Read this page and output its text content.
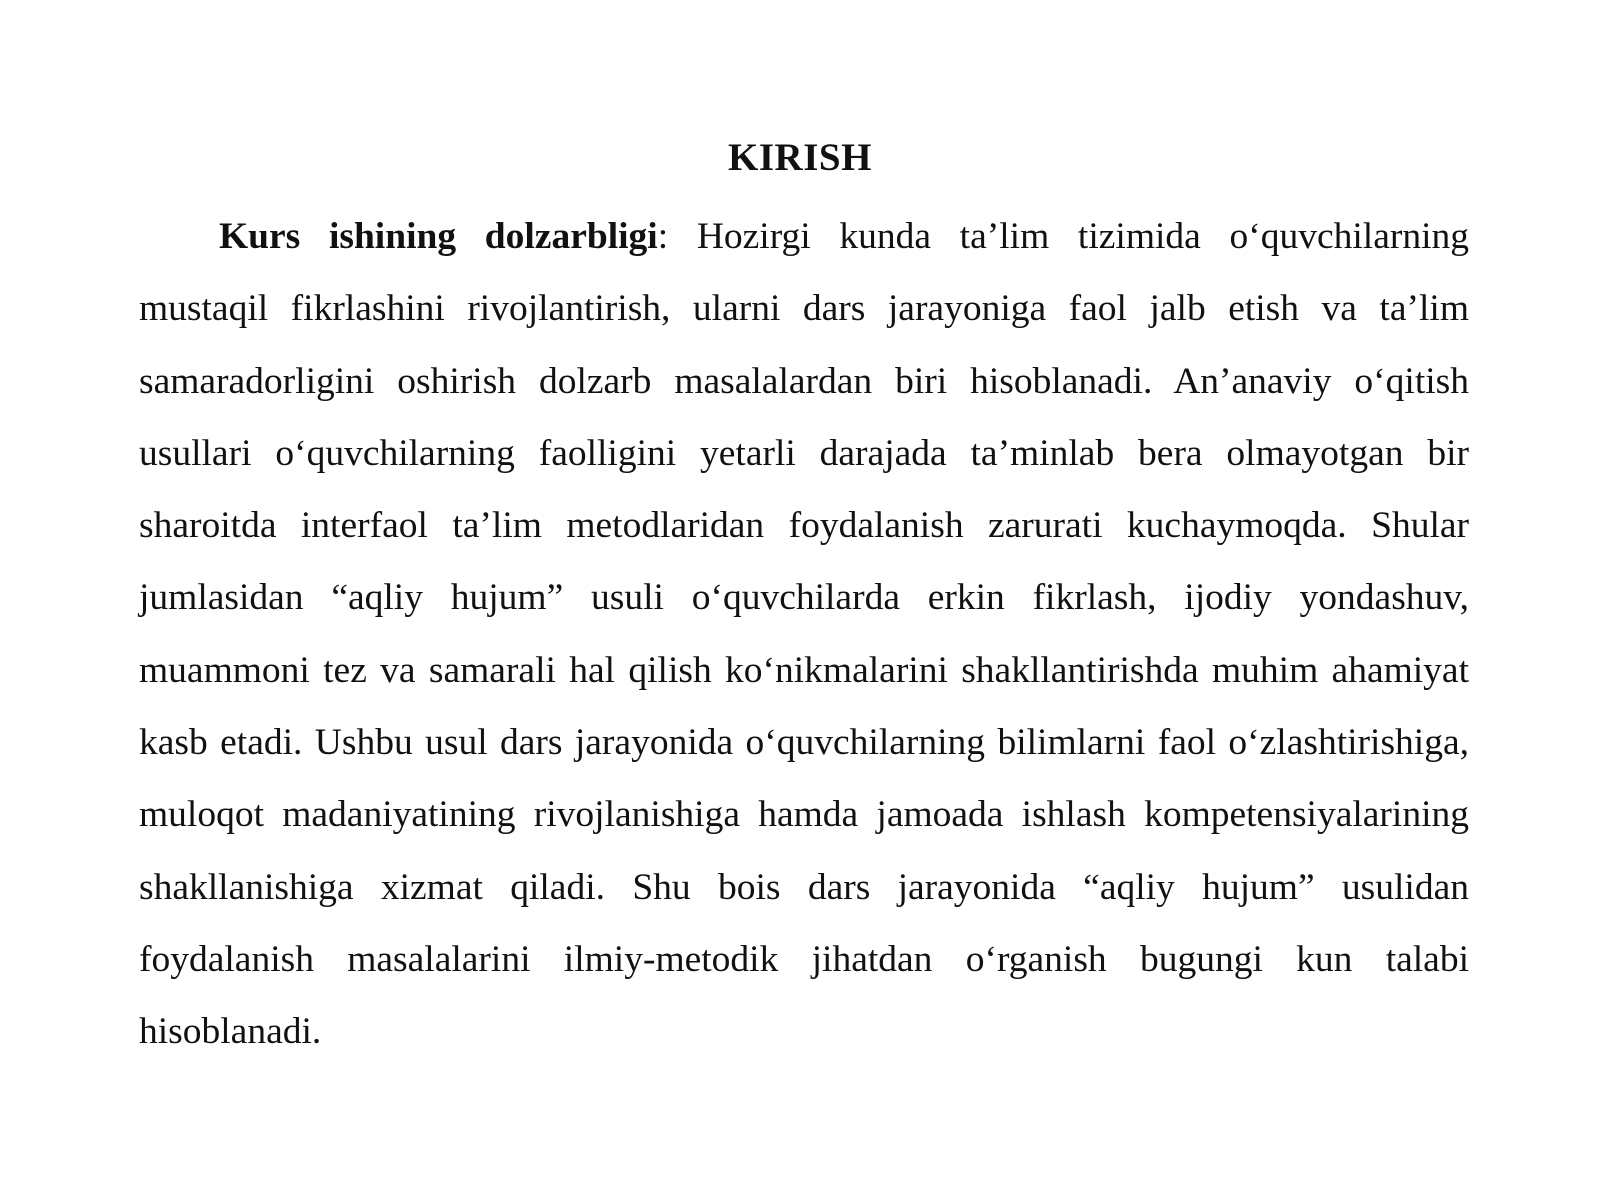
KIRISH

Kurs ishining dolzarbligi: Hozirgi kunda ta’lim tizimida o‘quvchilarning mustaqil fikrlashini rivojlantirish, ularni dars jarayoniga faol jalb etish va ta’lim samaradorligini oshirish dolzarb masalalardan biri hisoblanadi. An’anaviy o‘qitish usullari o‘quvchilarning faolligini yetarli darajada ta’minlab bera olmayotgan bir sharoitda interfaol ta’lim metodlaridan foydalanish zarurati kuchaymoqda. Shular jumlasidan “aqliy hujum” usuli o‘quvchilarda erkin fikrlash, ijodiy yondashuv, muammoni tez va samarali hal qilish ko‘nikmalarini shakllantirishda muhim ahamiyat kasb etadi. Ushbu usul dars jarayonida o‘quvchilarning bilimlarni faol o‘zlashtirishiga, muloqot madaniyatining rivojlanishiga hamda jamoada ishlash kompetensiyalarining shakllanishiga xizmat qiladi. Shu bois dars jarayonida “aqliy hujum” usulidan foydalanish masalalarini ilmiy-metodik jihatdan o‘rganish bugungi kun talabi hisoblanadi.
